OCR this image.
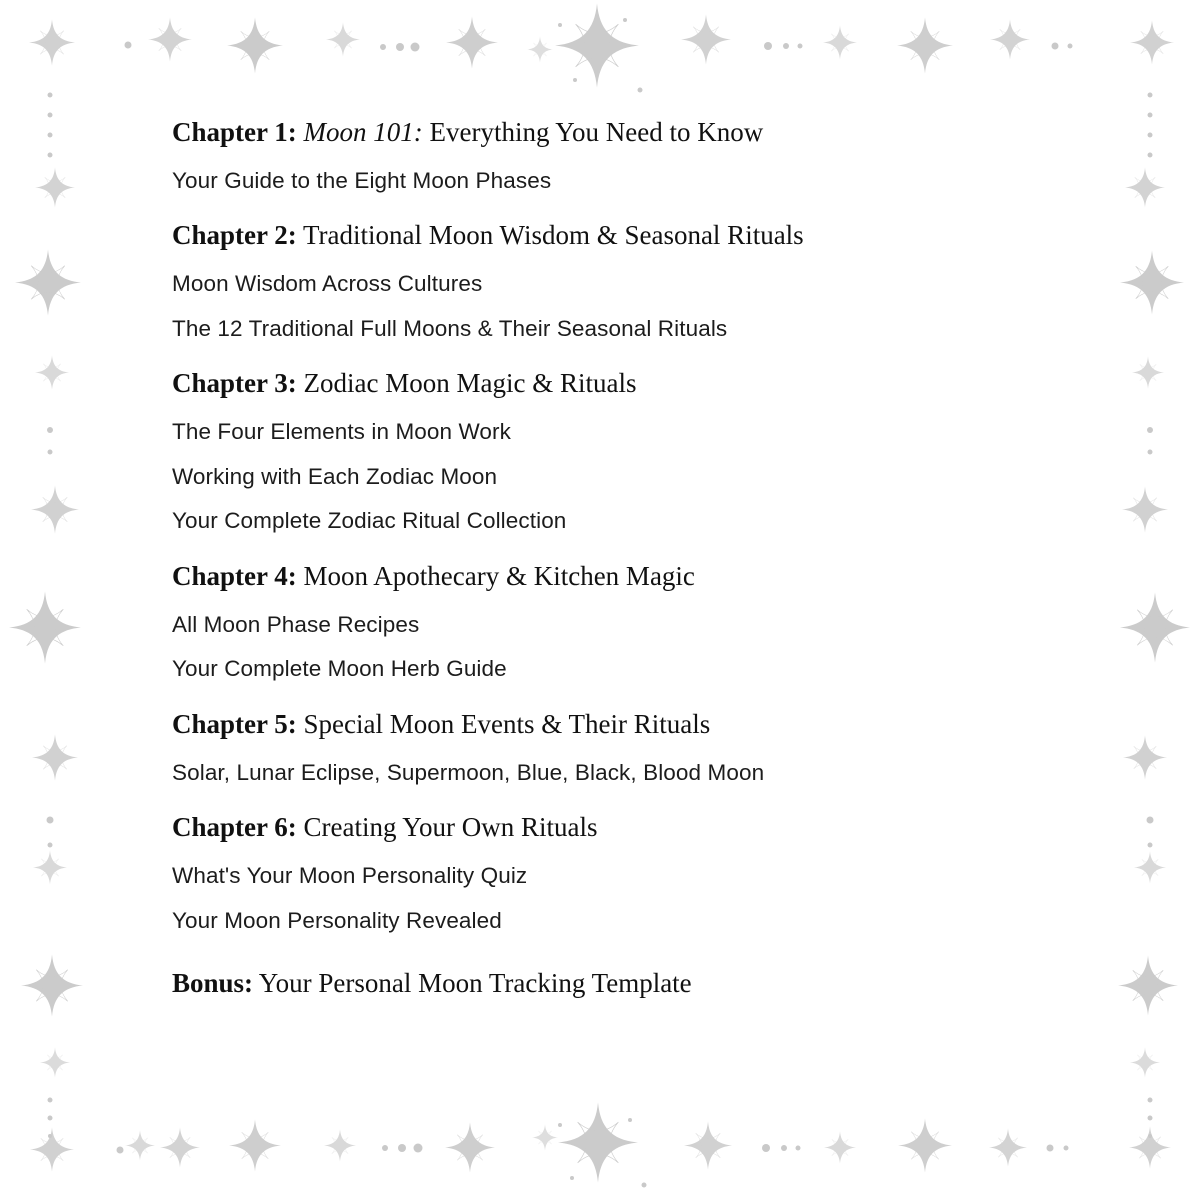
Chapter 1: Moon 101: Everything You Need to Know
Your Guide to the Eight Moon Phases
Chapter 2: Traditional Moon Wisdom & Seasonal Rituals
Moon Wisdom Across Cultures
The 12 Traditional Full Moons & Their Seasonal Rituals
Chapter 3: Zodiac Moon Magic & Rituals
The Four Elements in Moon Work
Working with Each Zodiac Moon
Your Complete Zodiac Ritual Collection
Chapter 4: Moon Apothecary & Kitchen Magic
All Moon Phase Recipes
Your Complete Moon Herb Guide
Chapter 5: Special Moon Events & Their Rituals
Solar, Lunar Eclipse, Supermoon, Blue, Black, Blood Moon
Chapter 6: Creating Your Own Rituals
What's Your Moon Personality Quiz
Your Moon Personality Revealed
Bonus: Your Personal Moon Tracking Template
